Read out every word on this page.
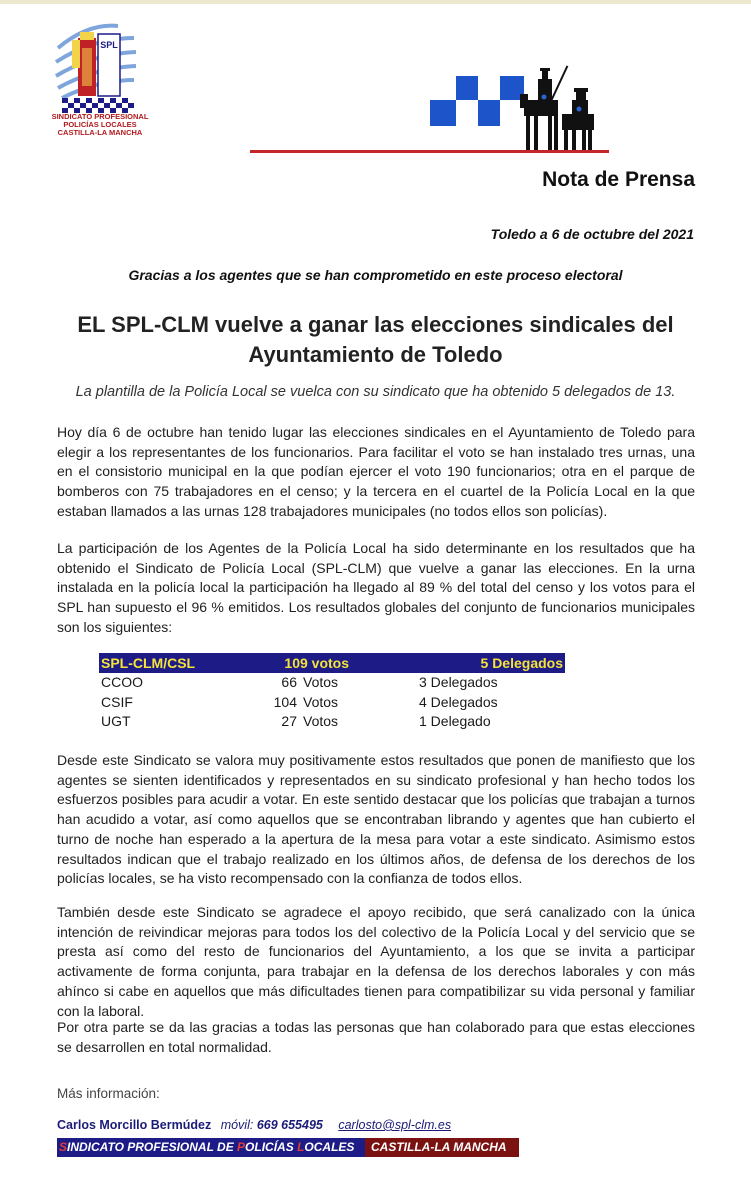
SPL
SINDICATO PROFESIONAL
POLICÍAS LOCALES
CASTILLA-LA MANCHA
Nota de Prensa
Toledo a 6 de octubre del 2021
Gracias a los agentes que se han comprometido en este proceso electoral
EL SPL-CLM vuelve a ganar las elecciones sindicales del Ayuntamiento de Toledo
La plantilla de la Policía Local se vuelca con su sindicato que ha obtenido 5 delegados de 13.

Hoy día 6 de octubre han tenido lugar las elecciones sindicales en el Ayuntamiento de Toledo para elegir a los representantes de los funcionarios. Para facilitar el voto se han instalado tres urnas, una en el consistorio municipal en la que podían ejercer el voto 190 funcionarios; otra en el parque de bomberos con 75 trabajadores en el censo; y la tercera en el cuartel de la Policía Local en la que estaban llamados a las urnas 128 trabajadores municipales (no todos ellos son policías).

La participación de los Agentes de la Policía Local ha sido determinante en los resultados que ha obtenido el Sindicato de Policía Local (SPL-CLM) que vuelve a ganar las elecciones. En la urna instalada en la policía local la participación ha llegado al 89 % del total del censo y los votos para el SPL han supuesto el 96 % emitidos. Los resultados globales del conjunto de funcionarios municipales son los siguientes:

SPL-CLM/CSL	109 votos	5 Delegados
CCOO	66 Votos	3 Delegados
CSIF	104 Votos	4 Delegados
UGT	27 Votos	1 Delegado

Desde este Sindicato se valora muy positivamente estos resultados que ponen de manifiesto que los agentes se sienten identificados y representados en su sindicato profesional y han hecho todos los esfuerzos posibles para acudir a votar. En este sentido destacar que los policías que trabajan a turnos han acudido a votar, así como aquellos que se encontraban librando y agentes que han cubierto el turno de noche han esperado a la apertura de la mesa para votar a este sindicato. Asimismo estos resultados indican que el trabajo realizado en los últimos años, de defensa de los derechos de los policías locales, se ha visto recompensado con la confianza de todos ellos.

También desde este Sindicato se agradece el apoyo recibido, que será canalizado con la única intención de reivindicar mejoras para todos los del colectivo de la Policía Local y del servicio que se presta así como del resto de funcionarios del Ayuntamiento, a los que se invita a participar activamente de forma conjunta, para trabajar en la defensa de los derechos laborales y con más ahínco si cabe en aquellos que más dificultades tienen para compatibilizar su vida personal y familiar con la laboral.

Por otra parte se da las gracias a todas las personas que han colaborado para que estas elecciones se desarrollen en total normalidad.

Más información:
Carlos Morcillo Bermúdez móvil: 669 655495 carlosto@spl-clm.es
SINDICATO PROFESIONAL DE POLICÍAS LOCALES	CASTILLA-LA MANCHA
